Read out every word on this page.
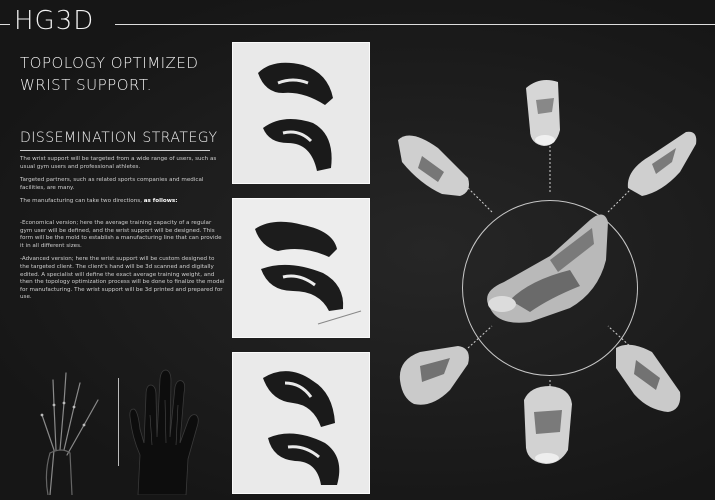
HG3D
TOPOLOGY OPTIMIZED
WRIST SUPPORT.
DISSEMINATION STRATEGY

The wrist support will be targeted from a wide range of users, such as usual gym users and professional athletes.

Targeted partners, such as related sports companies and medical facilities, are many.

The manufacturing can take two directions, as follows:

-Economical version; here the average training capacity of a regular gym user will be defined, and the wrist support will be designed. This form will be the mold to establish a manufacturing line that can provide it in all different sizes.

-Advanced version; here the wrist support will be custom designed to the targeted client. The client's hand will be 3d scanned and digitally edited. A specialist will define the exact average training weight, and then the topology optimization process will be done to finalize the model for manufacturing. The wrist support will be 3d printed and prepared for use.
